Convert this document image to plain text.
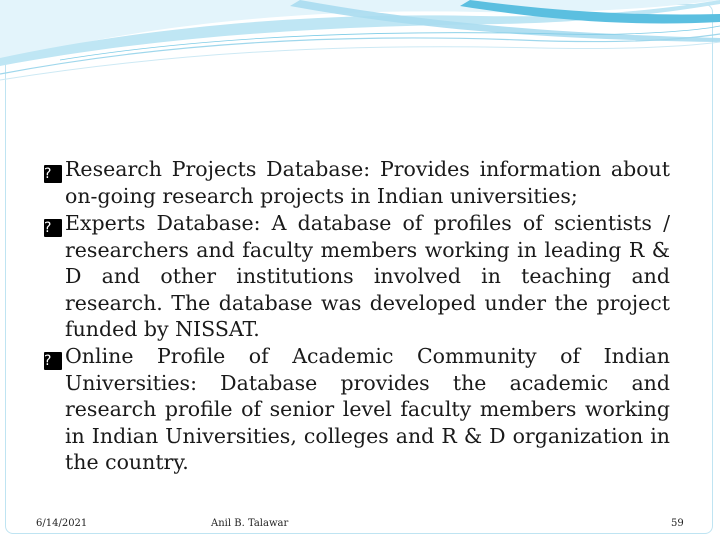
? Research Projects Database: Provides information about on-going research projects in Indian universities;

? Experts Database: A database of profiles of scientists / researchers and faculty members working in leading R & D and other institutions involved in teaching and research. The database was developed under the project funded by NISSAT.

? Online Profile of Academic Community of Indian Universities: Database provides the academic and research profile of senior level faculty members working in Indian Universities, colleges and R & D organization in the country.

6/14/2021	Anil B. Talawar	59
